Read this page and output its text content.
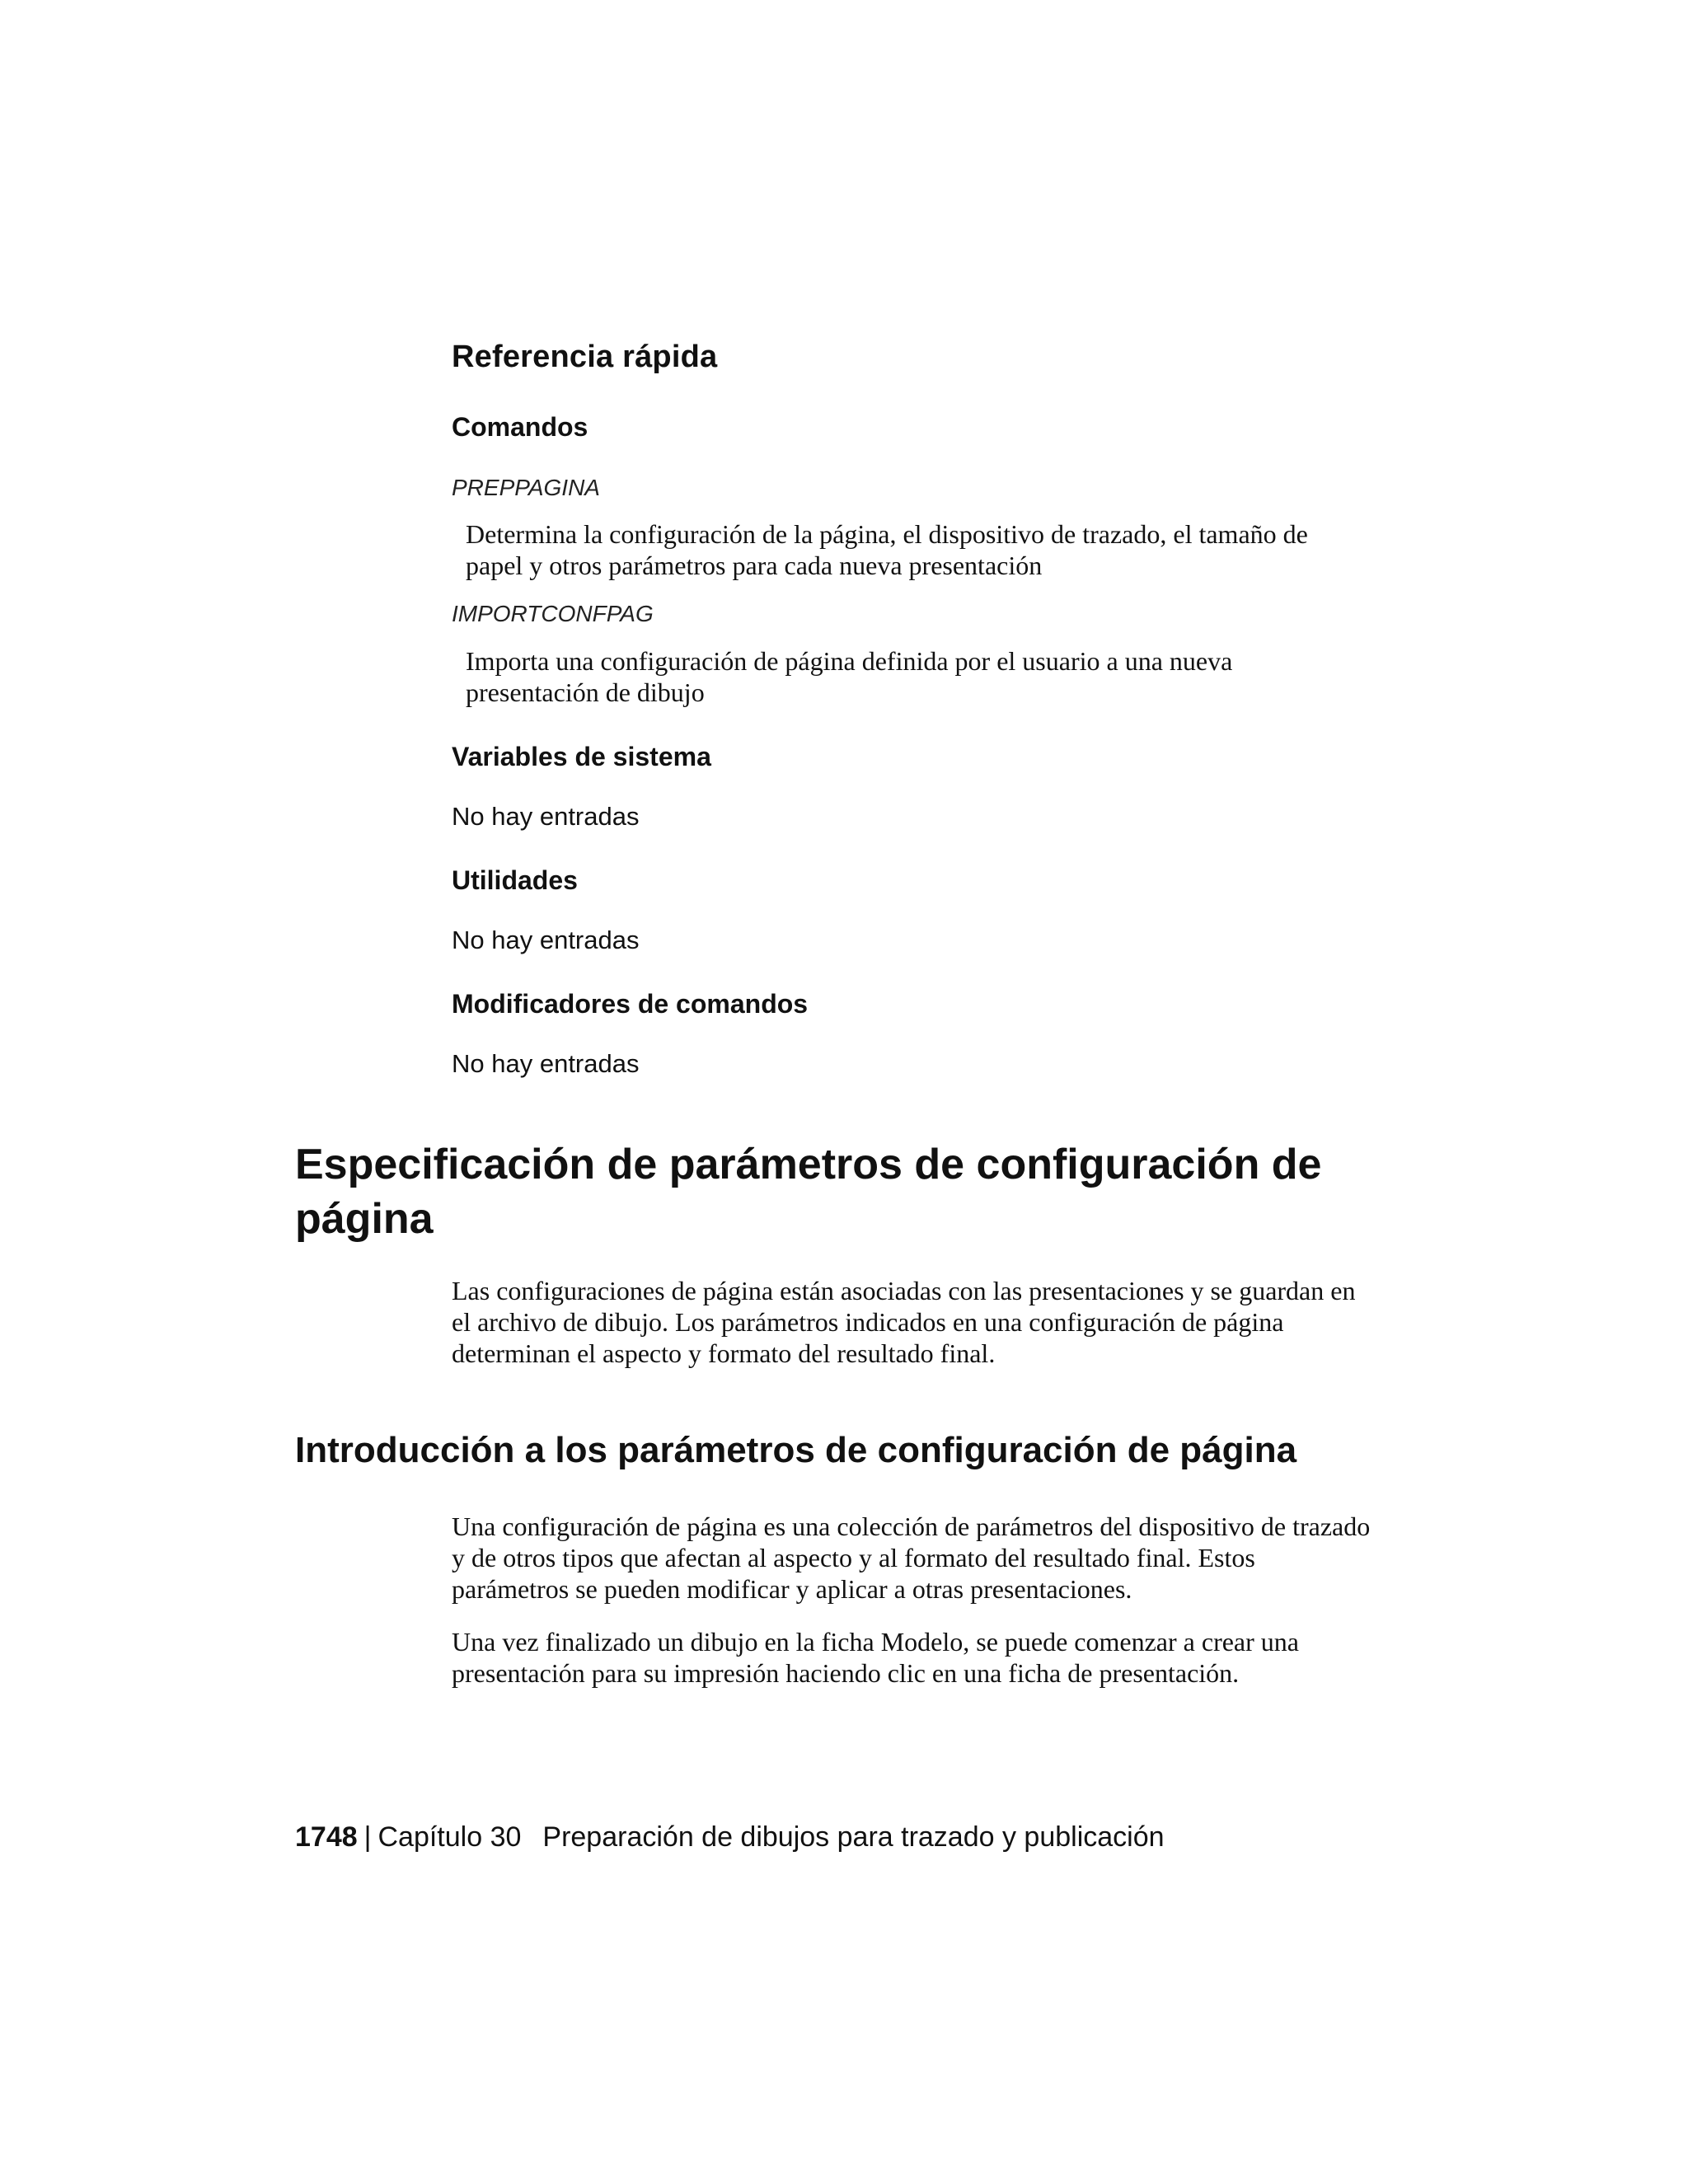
Referencia rápida
Comandos
PREPPAGINA

Determina la configuración de la página, el dispositivo de trazado, el tamaño de papel y otros parámetros para cada nueva presentación

IMPORTCONFPAG

Importa una configuración de página definida por el usuario a una nueva presentación de dibujo

Variables de sistema

No hay entradas

Utilidades

No hay entradas

Modificadores de comandos

No hay entradas

Especificación de parámetros de configuración de página

Las configuraciones de página están asociadas con las presentaciones y se guardan en el archivo de dibujo. Los parámetros indicados en una configuración de página determinan el aspecto y formato del resultado final.

Introducción a los parámetros de configuración de página

Una configuración de página es una colección de parámetros del dispositivo de trazado y de otros tipos que afectan al aspecto y al formato del resultado final. Estos parámetros se pueden modificar y aplicar a otras presentaciones.

Una vez finalizado un dibujo en la ficha Modelo, se puede comenzar a crear una presentación para su impresión haciendo clic en una ficha de presentación.

1748 | Capítulo 30 Preparación de dibujos para trazado y publicación
